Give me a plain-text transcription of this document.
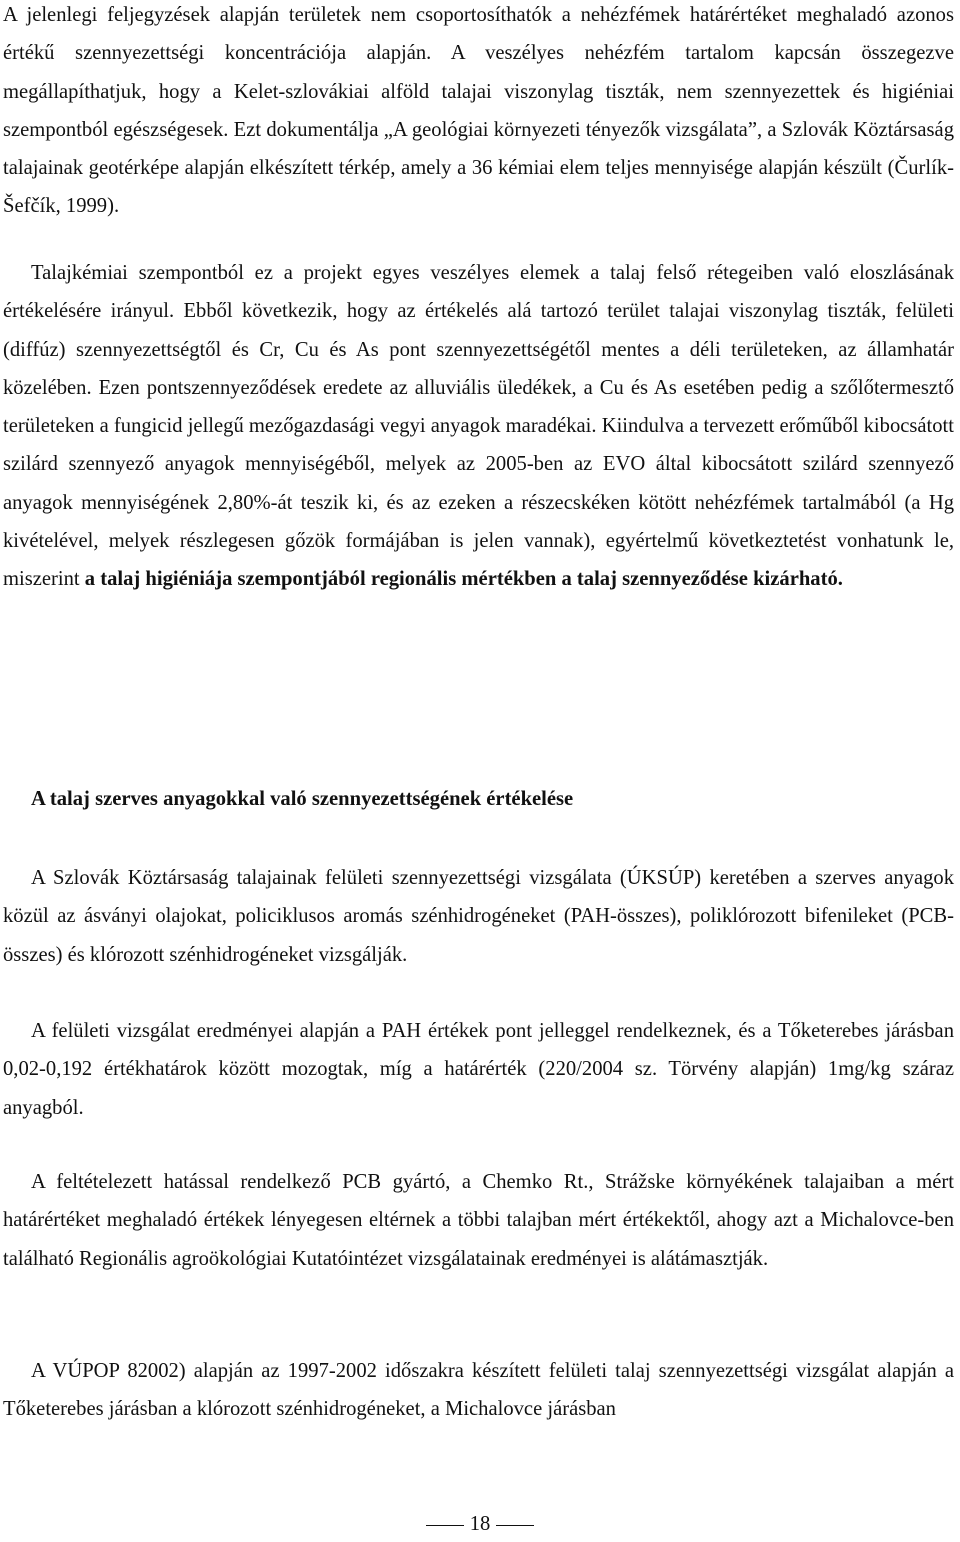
A jelenlegi feljegyzések alapján területek nem csoportosíthatók a nehézfémek határértéket meghaladó azonos értékű szennyezettségi koncentrációja alapján. A veszélyes nehézfém tartalom kapcsán összegezve megállapíthatjuk, hogy a Kelet-szlovákiai alföld talajai viszonylag tiszták, nem szennyezettek és higiéniai szempontból egészségesek. Ezt dokumentálja „A geológiai környezeti tényezők vizsgálata”, a Szlovák Köztársaság talajainak geotérképe alapján elkészített térkép, amely a 36 kémiai elem teljes mennyisége alapján készült (Čurlík- Šefčík, 1999).

Talajkémiai szempontból ez a projekt egyes veszélyes elemek a talaj felső rétegeiben való eloszlásának értékelésére irányul. Ebből következik, hogy az értékelés alá tartozó terület talajai viszonylag tiszták, felületi (diffúz) szennyezettségtől és Cr, Cu és As pont szennyezettségétől mentes a déli területeken, az államhatár közelében. Ezen pontszennyeződések eredete az alluviális üledékek, a Cu és As esetében pedig a szőlőtermesztő területeken a fungicid jellegű mezőgazdasági vegyi anyagok maradékai. Kiindulva a tervezett erőműből kibocsátott szilárd szennyező anyagok mennyiségéből, melyek az 2005-ben az EVO által kibocsátott szilárd szennyező anyagok mennyiségének 2,80%-át teszik ki, és az ezeken a részecskéken kötött nehézfémek tartalmából (a Hg kivételével, melyek részlegesen gőzök formájában is jelen vannak), egyértelmű következtetést vonhatunk le, miszerint a talaj higiéniája szempontjából regionális mértékben a talaj szennyeződése kizárható.

A talaj szerves anyagokkal való szennyezettségének értékelése

A Szlovák Köztársaság talajainak felületi szennyezettségi vizsgálata (ÚKSÚP) keretében a szerves anyagok közül az ásványi olajokat, policiklusos aromás szénhidrogéneket (PAH-összes), poliklórozott bifenileket (PCB-összes) és klórozott szénhidrogéneket vizsgálják.

A felületi vizsgálat eredményei alapján a PAH értékek pont jelleggel rendelkeznek, és a Tőketerebes járásban 0,02-0,192 értékhatárok között mozogtak, míg a határérték (220/2004 sz. Törvény alapján) 1mg/kg száraz anyagból.

A feltételezett hatással rendelkező PCB gyártó, a Chemko Rt., Strážske környékének talajaiban a mért határértéket meghaladó értékek lényegesen eltérnek a többi talajban mért értékektől, ahogy azt a Michalovce-ben található Regionális agroökológiai Kutatóintézet vizsgálatainak eredményei is alátámasztják.

A VÚPOP 82002) alapján az 1997-2002 időszakra készített felületi talaj szennyezettségi vizsgálat alapján a Tőketerebes járásban a klórozott szénhidrogéneket, a Michalovce járásban

18
